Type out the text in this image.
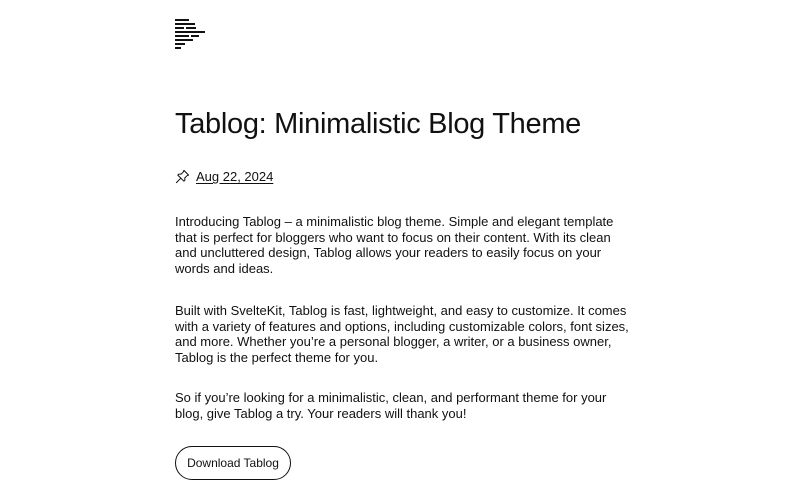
Tablog: Minimalistic Blog Theme
Aug 22, 2024

Introducing Tablog – a minimalistic blog theme. Simple and elegant template that is perfect for bloggers who want to focus on their content. With its clean and uncluttered design, Tablog allows your readers to easily focus on your words and ideas.

Built with SvelteKit, Tablog is fast, lightweight, and easy to customize. It comes with a variety of features and options, including customizable colors, font sizes, and more. Whether you’re a personal blogger, a writer, or a business owner, Tablog is the perfect theme for you.

So if you’re looking for a minimalistic, clean, and performant theme for your blog, give Tablog a try. Your readers will thank you!

Download Tablog
